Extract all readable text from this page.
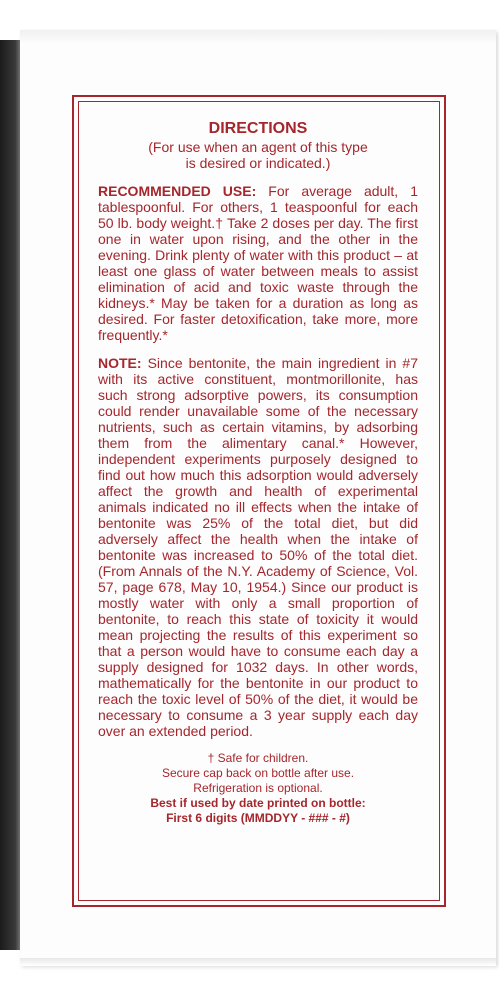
DIRECTIONS
(For use when an agent of this type
is desired or indicated.)

RECOMMENDED USE: For average adult, 1 tablespoonful. For others, 1 teaspoonful for each 50 lb. body weight.† Take 2 doses per day. The first one in water upon rising, and the other in the evening. Drink plenty of water with this product – at least one glass of water between meals to assist elimination of acid and toxic waste through the kidneys.* May be taken for a duration as long as desired. For faster detoxification, take more, more frequently.*

NOTE: Since bentonite, the main ingredient in #7 with its active constituent, montmorillonite, has such strong adsorptive powers, its consumption could render unavailable some of the necessary nutrients, such as certain vitamins, by adsorbing them from the alimentary canal.* However, independent experiments purposely designed to find out how much this adsorption would adversely affect the growth and health of experimental animals indicated no ill effects when the intake of bentonite was 25% of the total diet, but did adversely affect the health when the intake of bentonite was increased to 50% of the total diet. (From Annals of the N.Y. Academy of Science, Vol. 57, page 678, May 10, 1954.) Since our product is mostly water with only a small proportion of bentonite, to reach this state of toxicity it would mean projecting the results of this experiment so that a person would have to consume each day a supply designed for 1032 days. In other words, mathematically for the bentonite in our product to reach the toxic level of 50% of the diet, it would be necessary to consume a 3 year supply each day over an extended period.

† Safe for children.

Secure cap back on bottle after use.

Refrigeration is optional.

Best if used by date printed on bottle:

First 6 digits (MMDDYY - ### - #)
